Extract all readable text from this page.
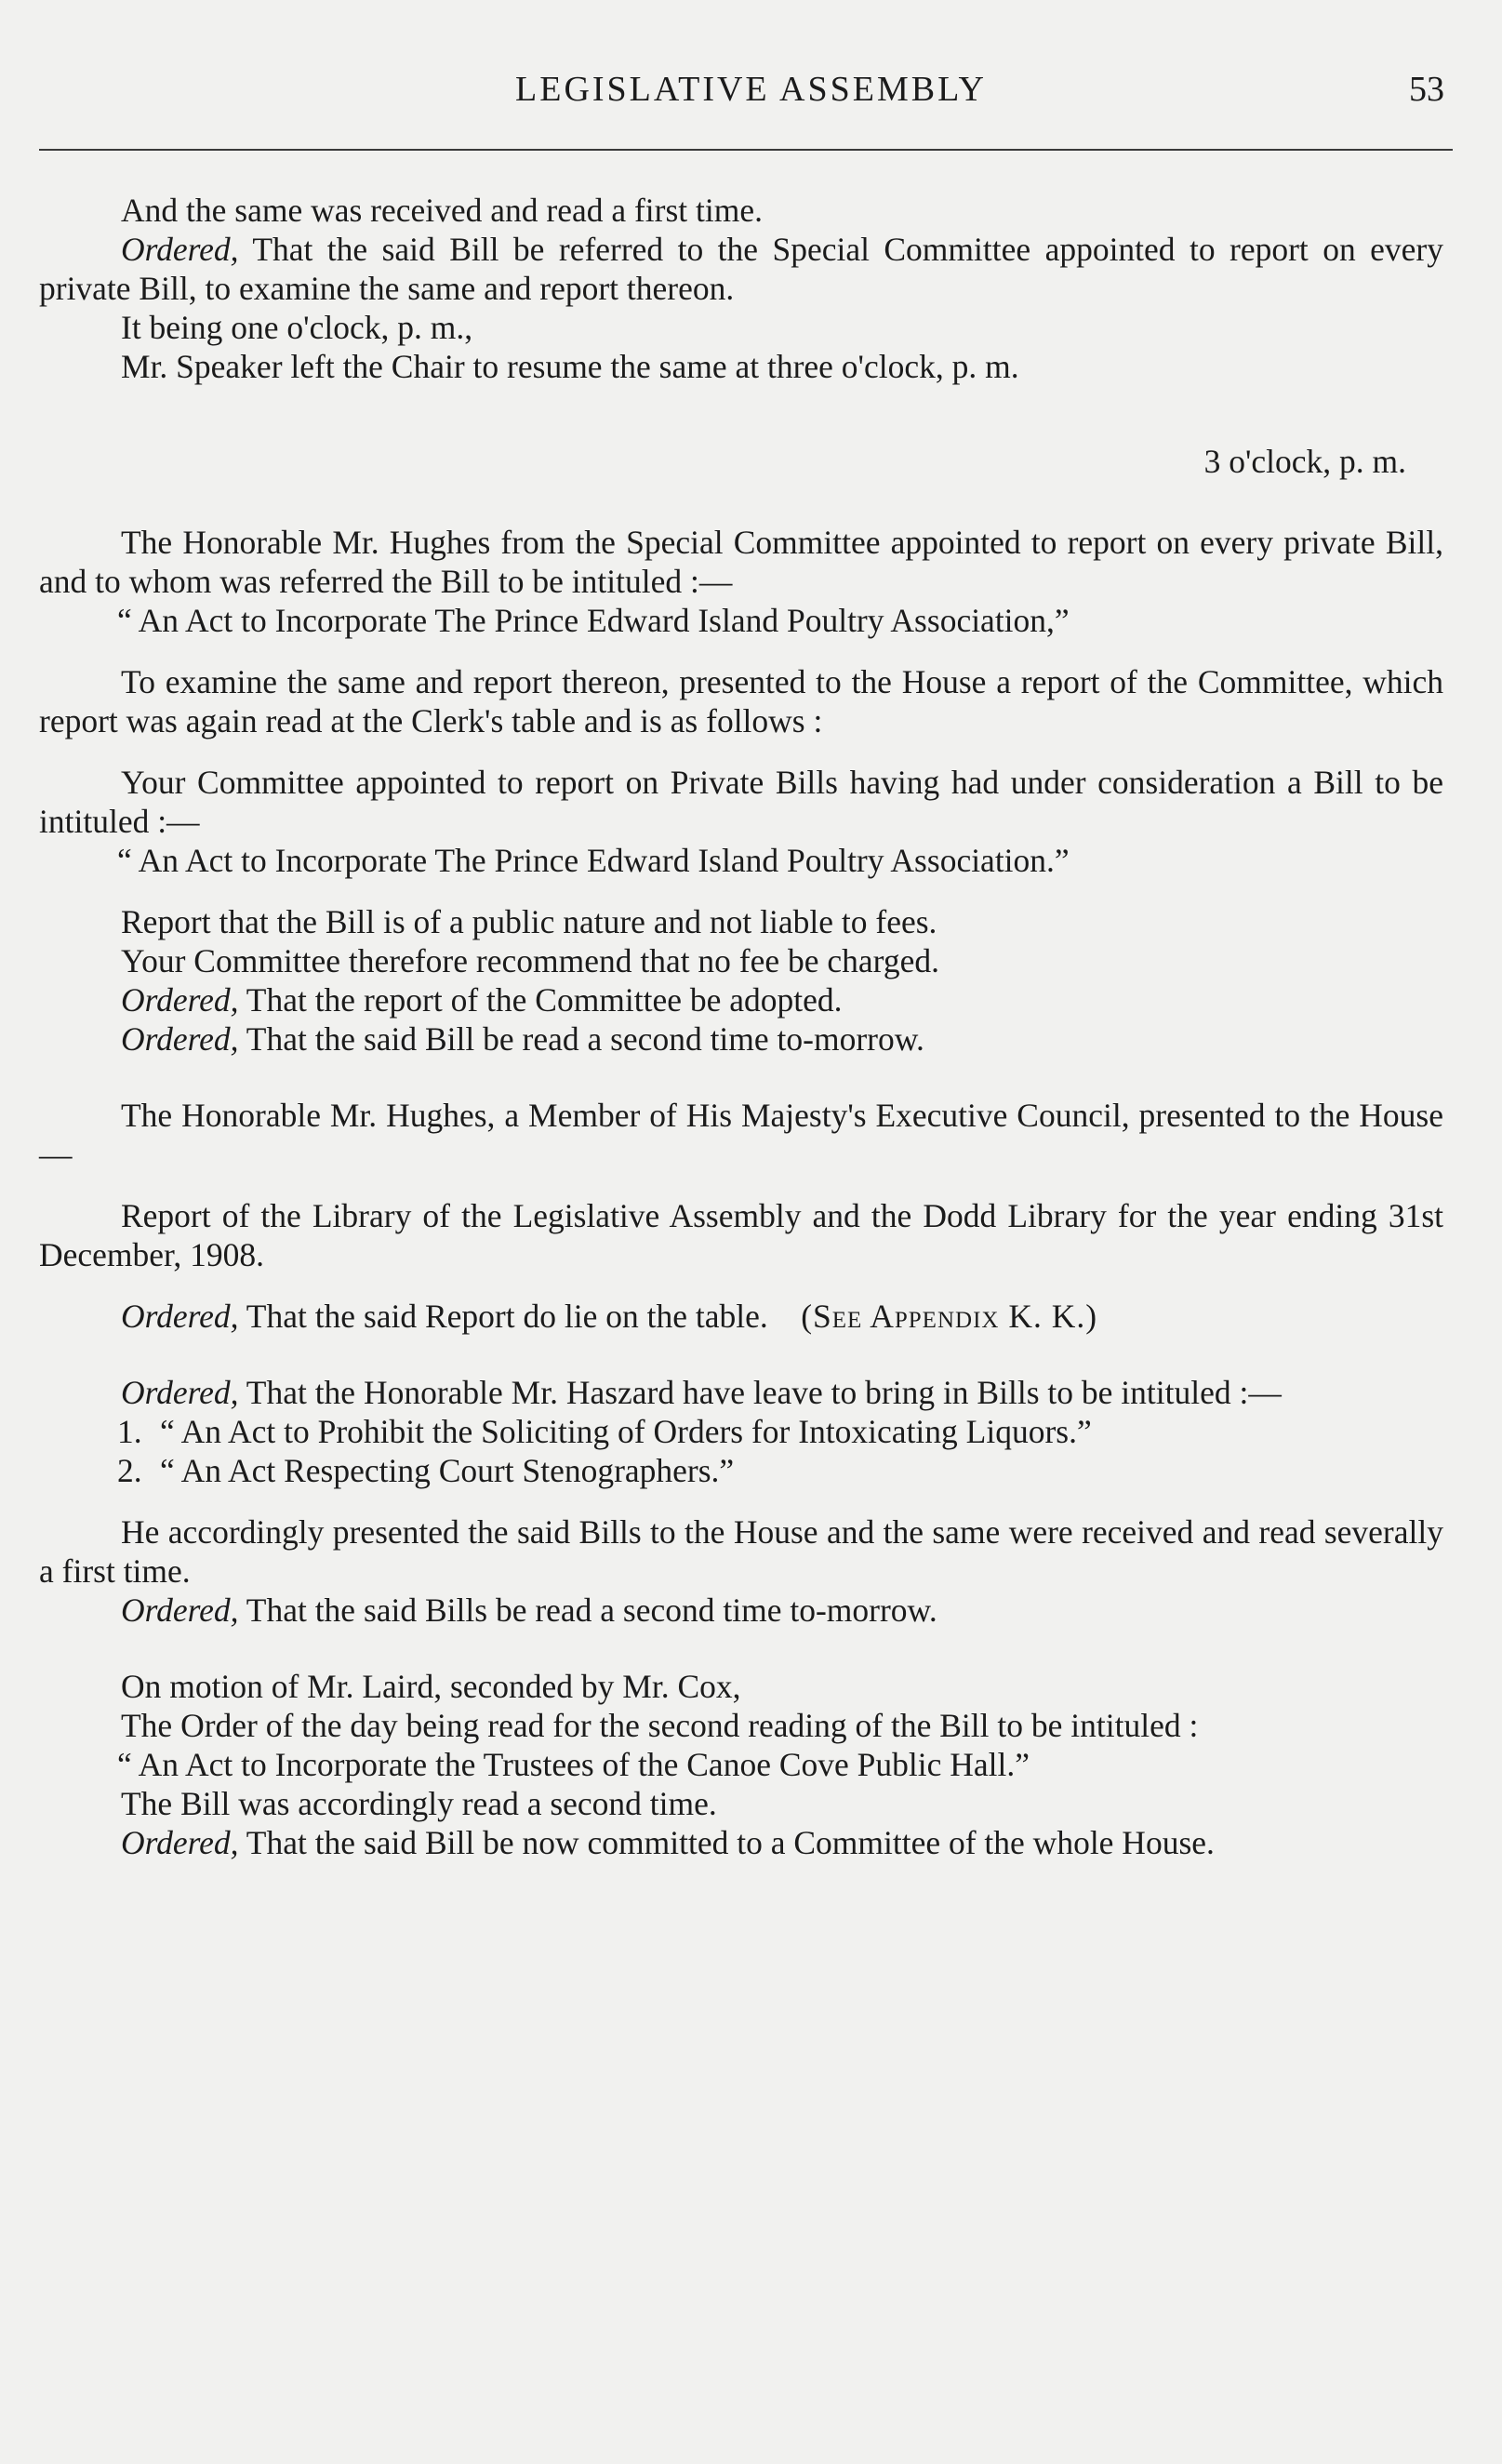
LEGISLATIVE ASSEMBLY	53

And the same was received and read a first time.

Ordered, That the said Bill be referred to the Special Committee appointed to report on every private Bill, to examine the same and report thereon.

It being one o'clock, p. m.,

Mr. Speaker left the Chair to resume the same at three o'clock, p. m.

3 o'clock, p. m.

The Honorable Mr. Hughes from the Special Committee appointed to report on every private Bill, and to whom was referred the Bill to be intituled :—

“ An Act to Incorporate The Prince Edward Island Poultry Association,”

To examine the same and report thereon, presented to the House a report of the Committee, which report was again read at the Clerk's table and is as follows :

Your Committee appointed to report on Private Bills having had under consideration a Bill to be intituled :—

“ An Act to Incorporate The Prince Edward Island Poultry Association.”

Report that the Bill is of a public nature and not liable to fees.

Your Committee therefore recommend that no fee be charged.

Ordered, That the report of the Committee be adopted.

Ordered, That the said Bill be read a second time to-morrow.

The Honorable Mr. Hughes, a Member of His Majesty's Executive Council, presented to the House—

Report of the Library of the Legislative Assembly and the Dodd Library for the year ending 31st December, 1908.

Ordered, That the said Report do lie on the table. (See Appendix K. K.)

Ordered, That the Honorable Mr. Haszard have leave to bring in Bills to be intituled :—

1. “ An Act to Prohibit the Soliciting of Orders for Intoxicating Liquors.”

2. “ An Act Respecting Court Stenographers.”

He accordingly presented the said Bills to the House and the same were received and read severally a first time.

Ordered, That the said Bills be read a second time to-morrow.

On motion of Mr. Laird, seconded by Mr. Cox,

The Order of the day being read for the second reading of the Bill to be intituled :

“ An Act to Incorporate the Trustees of the Canoe Cove Public Hall.”

The Bill was accordingly read a second time.

Ordered, That the said Bill be now committed to a Committee of the whole House.
